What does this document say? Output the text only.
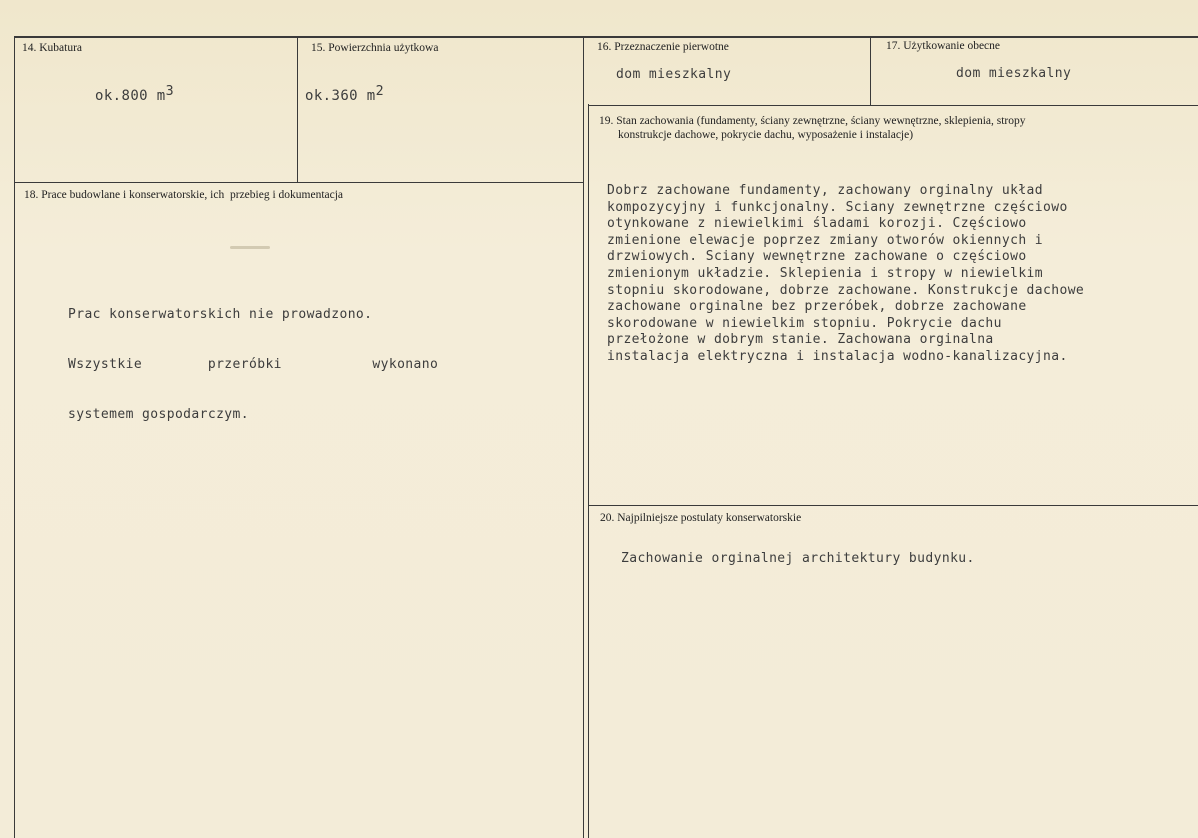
14. Kubatura
ok.800 $m^3$
15. Powierzchnia użytkowa
ok.360 $m^2$
16. Przeznaczenie pierwotne
dom mieszkalny
17. Użytkowanie obecne
dom mieszkalny
19. Stan zachowania (fundamenty, ściany zewnętrzne, ściany wewnętrzne, sklepienia, stropy
konstrukcje dachowe, pokrycie dachu, wyposażenie i instalacje)
Dobrz zachowane fundamenty, zachowany orginalny układ
kompozycyjny i funkcjonalny. Sciany zewnętrzne częściowo
otynkowane z niewielkimi śladami korozji. Częściowo
zmienione elewacje poprzez zmiany otworów okiennych i
drzwiowych. Sciany wewnętrzne zachowane o częściowo
zmienionym układzie. Sklepienia i stropy w niewielkim
stopniu skorodowane, dobrze zachowane. Konstrukcje dachowe
zachowane orginalne bez przeróbek, dobrze zachowane
skorodowane w niewielkim stopniu. Pokrycie dachu
przełożone w dobrym stanie. Zachowana orginalna
instalacja elektryczna i instalacja wodno-kanalizacyjna.
18. Prace budowlane i konserwatorskie, ich  przebieg i dokumentacja

Prac konserwatorskich nie prowadzono.

Wszystkie        przeróbki           wykonano

systemem gospodarczym.

20. Najpilniejsze postulaty konserwatorskie
Zachowanie orginalnej architektury budynku.
